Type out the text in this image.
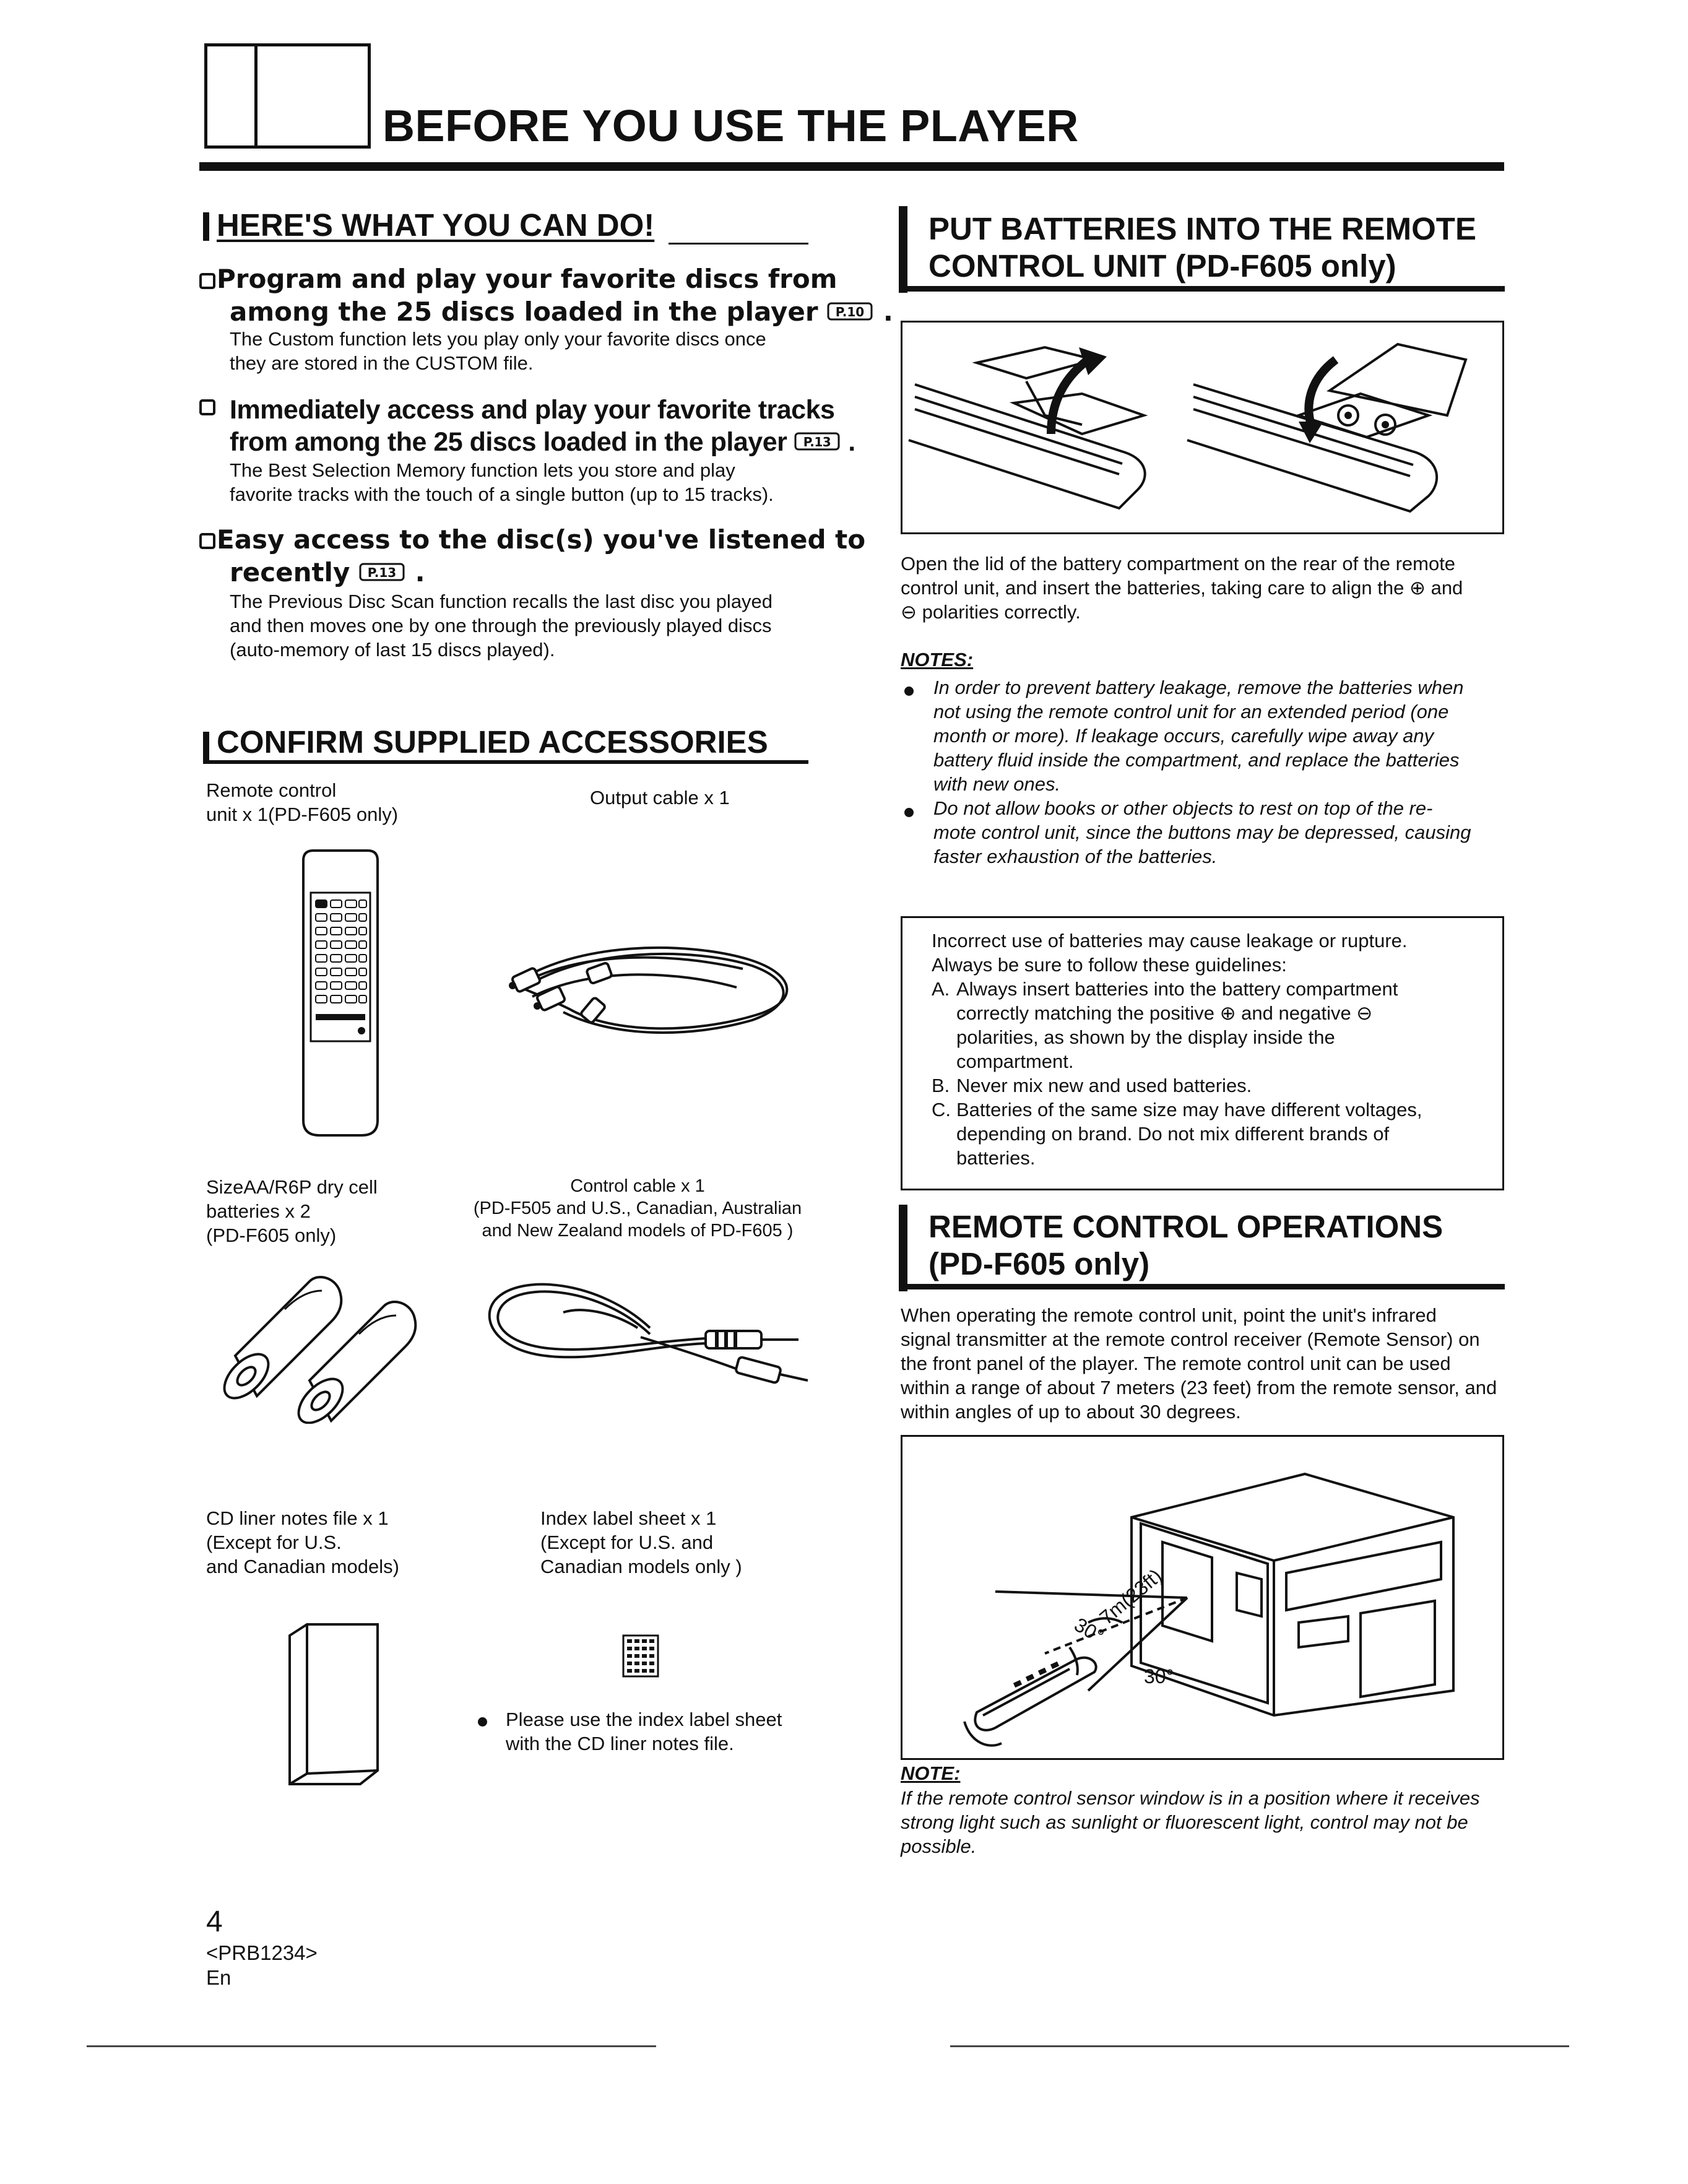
BEFORE YOU USE THE PLAYER
HERE'S WHAT YOU CAN DO!
Program and play your favorite discs from
among the 25 discs loaded in the player P.10 .
The Custom function lets you play only your favorite discs once
they are stored in the CUSTOM file.
Immediately access and play your favorite tracks
from among the 25 discs loaded in the player P.13 .
The Best Selection Memory function lets you store and play
favorite tracks with the touch of a single button (up to 15 tracks).
Easy access to the disc(s) you've listened to
recently P.13 .
The Previous Disc Scan function recalls the last disc you played
and then moves one by one through the previously played discs
(auto-memory of last 15 discs played).
CONFIRM SUPPLIED ACCESSORIES
Remote control
unit x 1(PD-F605 only)
Output cable x 1
SizeAA/R6P dry cell
batteries x 2
(PD-F605 only)
Control cable x 1
(PD-F505 and U.S., Canadian, Australian
and New Zealand models of PD-F605 )
CD liner notes file x 1
(Except for U.S.
and Canadian models)
Index label sheet x 1
(Except for U.S. and
Canadian models only )
Please use the index label sheet
with the CD liner notes file.
PUT BATTERIES INTO THE REMOTE
CONTROL UNIT (PD-F605 only)
Open the lid of the battery compartment on the rear of the remote
control unit, and insert the batteries, taking care to align the ⊕ and
⊖ polarities correctly.
NOTES:
In order to prevent battery leakage, remove the batteries when
not using the remote control unit for an extended period (one
month or more). If leakage occurs, carefully wipe away any
battery fluid inside the compartment, and replace the batteries
with new ones.
Do not allow books or other objects to rest on top of the re-
mote control unit, since the buttons may be depressed, causing
faster exhaustion of the batteries.
Incorrect use of batteries may cause leakage or rupture.
Always be sure to follow these guidelines:
A. Always insert batteries into the battery compartment
correctly matching the positive ⊕ and negative ⊖
polarities, as shown by the display inside the
compartment.
B. Never mix new and used batteries.
C. Batteries of the same size may have different voltages,
depending on brand. Do not mix different brands of
batteries.
REMOTE CONTROL OPERATIONS
(PD-F605 only)
When operating the remote control unit, point the unit's infrared
signal transmitter at the remote control receiver (Remote Sensor) on
the front panel of the player. The remote control unit can be used
within a range of about 7 meters (23 feet) from the remote sensor, and
within angles of up to about 30 degrees.
30°
7m(23ft)
30°
NOTE:
If the remote control sensor window is in a position where it receives
strong light such as sunlight or fluorescent light, control may not be
possible.
4
<PRB1234>
En
